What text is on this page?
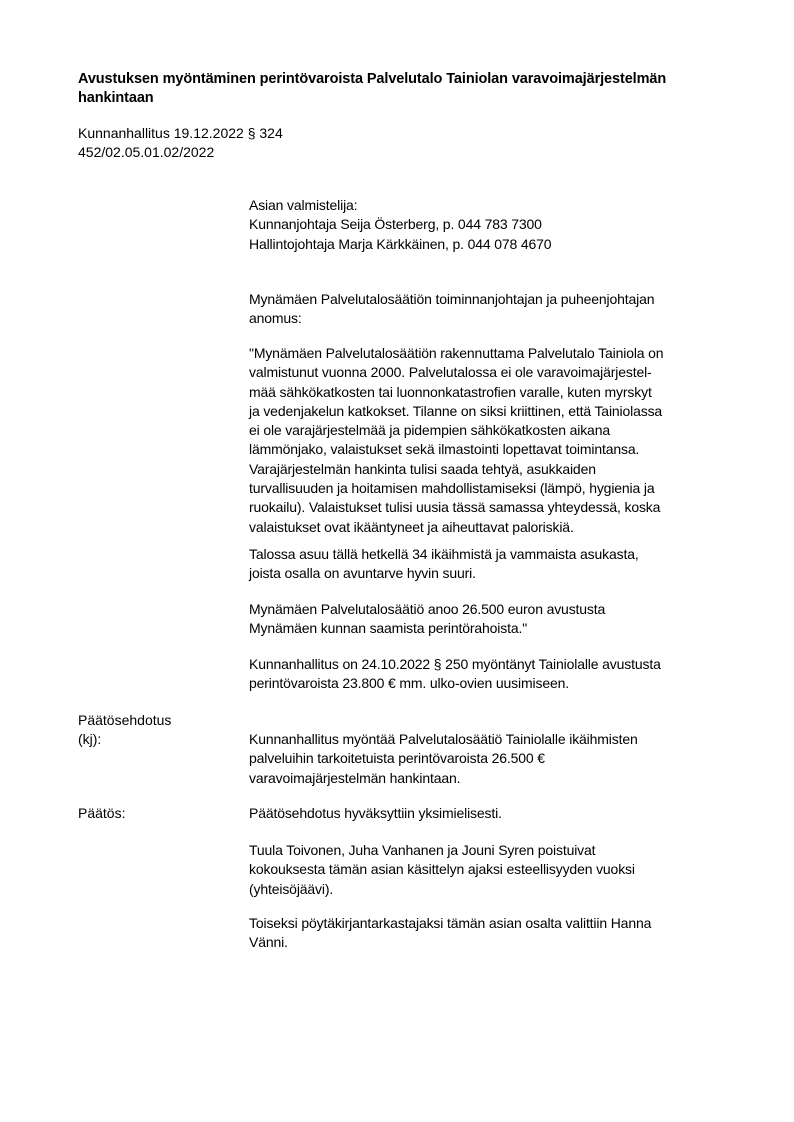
Avustuksen myöntäminen perintövaroista Palvelutalo Tainiolan varavoimajärjestelmän
hankintaan
Kunnanhallitus 19.12.2022 § 324
452/02.05.01.02/2022
Asian valmistelija:
Kunnanjohtaja Seija Österberg, p. 044 783 7300
Hallintojohtaja Marja Kärkkäinen, p. 044 078 4670
Mynämäen Palvelutalosäätiön toiminnanjohtajan ja puheenjohtajan
anomus:
"Mynämäen Palvelutalosäätiön rakennuttama Palvelutalo Tainiola on
valmistunut vuonna 2000. Palvelutalossa ei ole varavoimajärjestel-
mää sähkökatkosten tai luonnonkatastrofien varalle, kuten myrskyt
ja vedenjakelun katkokset. Tilanne on siksi kriittinen, että Tainiolassa
ei ole varajärjestelmää ja pidempien sähkökatkosten aikana
lämmönjako, valaistukset sekä ilmastointi lopettavat toimintansa.
Varajärjestelmän hankinta tulisi saada tehtyä, asukkaiden
turvallisuuden ja hoitamisen mahdollistamiseksi (lämpö, hygienia ja
ruokailu). Valaistukset tulisi uusia tässä samassa yhteydessä, koska
valaistukset ovat ikääntyneet ja aiheuttavat paloriskiä.
Talossa asuu tällä hetkellä 34 ikäihmistä ja vammaista asukasta,
joista osalla on avuntarve hyvin suuri.
Mynämäen Palvelutalosäätiö anoo 26.500 euron avustusta
Mynämäen kunnan saamista perintörahoista."
Kunnanhallitus on 24.10.2022 § 250 myöntänyt Tainiolalle avustusta
perintövaroista 23.800 € mm. ulko-ovien uusimiseen.
Päätösehdotus
(kj):	Kunnanhallitus myöntää Palvelutalosäätiö Tainiolalle ikäihmisten
palveluihin tarkoitetuista perintövaroista 26.500 €
varavoimajärjestelmän hankintaan.
Päätös:	Päätösehdotus hyväksyttiin yksimielisesti.
Tuula Toivonen, Juha Vanhanen ja Jouni Syren poistuivat
kokouksesta tämän asian käsittelyn ajaksi esteellisyyden vuoksi
(yhteisöjäävi).
Toiseksi pöytäkirjantarkastajaksi tämän asian osalta valittiin Hanna
Vänni.
